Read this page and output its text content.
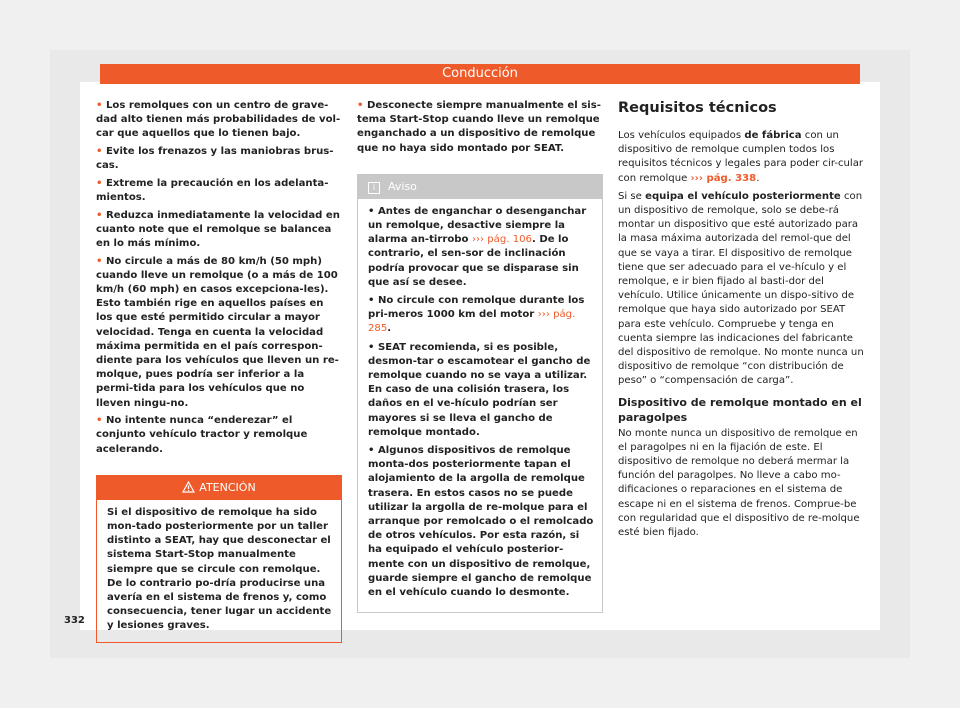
Conducción

• Los remolques con un centro de grave-dad alto tienen más probabilidades de vol-car que aquellos que lo tienen bajo.

• Evite los frenazos y las maniobras brus-cas.

• Extreme la precaución en los adelanta-mientos.

• Reduzca inmediatamente la velocidad en cuanto note que el remolque se balancea en lo más mínimo.

• No circule a más de 80 km/h (50 mph) cuando lleve un remolque (o a más de 100 km/h (60 mph) en casos excepciona-les). Esto también rige en aquellos países en los que esté permitido circular a mayor velocidad. Tenga en cuenta la velocidad máxima permitida en el país correspon-diente para los vehículos que lleven un re-molque, pues podría ser inferior a la permi-tida para los vehículos que no lleven ningu-no.

• No intente nunca “enderezar” el conjunto vehículo tractor y remolque acelerando.

ATENCIÓN
Si el dispositivo de remolque ha sido mon-tado posteriormente por un taller distinto a SEAT, hay que desconectar el sistema Start-Stop manualmente siempre que se circule con remolque. De lo contrario po-dría producirse una avería en el sistema de frenos y, como consecuencia, tener lugar un accidente y lesiones graves.

• Desconecte siempre manualmente el sis-tema Start-Stop cuando lleve un remolque enganchado a un dispositivo de remolque que no haya sido montado por SEAT.

i Aviso

• Antes de enganchar o desenganchar un remolque, desactive siempre la alarma an-tirrobo ››› pág. 106. De lo contrario, el sen-sor de inclinación podría provocar que se disparase sin que así se desee.

• No circule con remolque durante los pri-meros 1000 km del motor ››› pág. 285.

• SEAT recomienda, si es posible, desmon-tar o escamotear el gancho de remolque cuando no se vaya a utilizar. En caso de una colisión trasera, los daños en el ve-hículo podrían ser mayores si se lleva el gancho de remolque montado.

• Algunos dispositivos de remolque monta-dos posteriormente tapan el alojamiento de la argolla de remolque trasera. En estos casos no se puede utilizar la argolla de re-molque para el arranque por remolcado o el remolcado de otros vehículos. Por esta razón, si ha equipado el vehículo posterior-mente con un dispositivo de remolque, guarde siempre el gancho de remolque en el vehículo cuando lo desmonte.

Requisitos técnicos

Los vehículos equipados de fábrica con un dispositivo de remolque cumplen todos los requisitos técnicos y legales para poder cir-cular con remolque ››› pág. 338.

Si se equipa el vehículo posteriormente con un dispositivo de remolque, solo se debe-rá montar un dispositivo que esté autorizado para la masa máxima autorizada del remol-que del que se vaya a tirar. El dispositivo de remolque tiene que ser adecuado para el ve-hículo y el remolque, e ir bien fijado al basti-dor del vehículo. Utilice únicamente un dispo-sitivo de remolque que haya sido autorizado por SEAT para este vehículo. Compruebe y tenga en cuenta siempre las indicaciones del fabricante del dispositivo de remolque. No monte nunca un dispositivo de remolque “con distribución de peso” o “compensación de carga”.

Dispositivo de remolque montado en el paragolpes

No monte nunca un dispositivo de remolque en el paragolpes ni en la fijación de este. El dispositivo de remolque no deberá mermar la función del paragolpes. No lleve a cabo mo-dificaciones o reparaciones en el sistema de escape ni en el sistema de frenos. Comprue-be con regularidad que el dispositivo de re-molque esté bien fijado.

332
